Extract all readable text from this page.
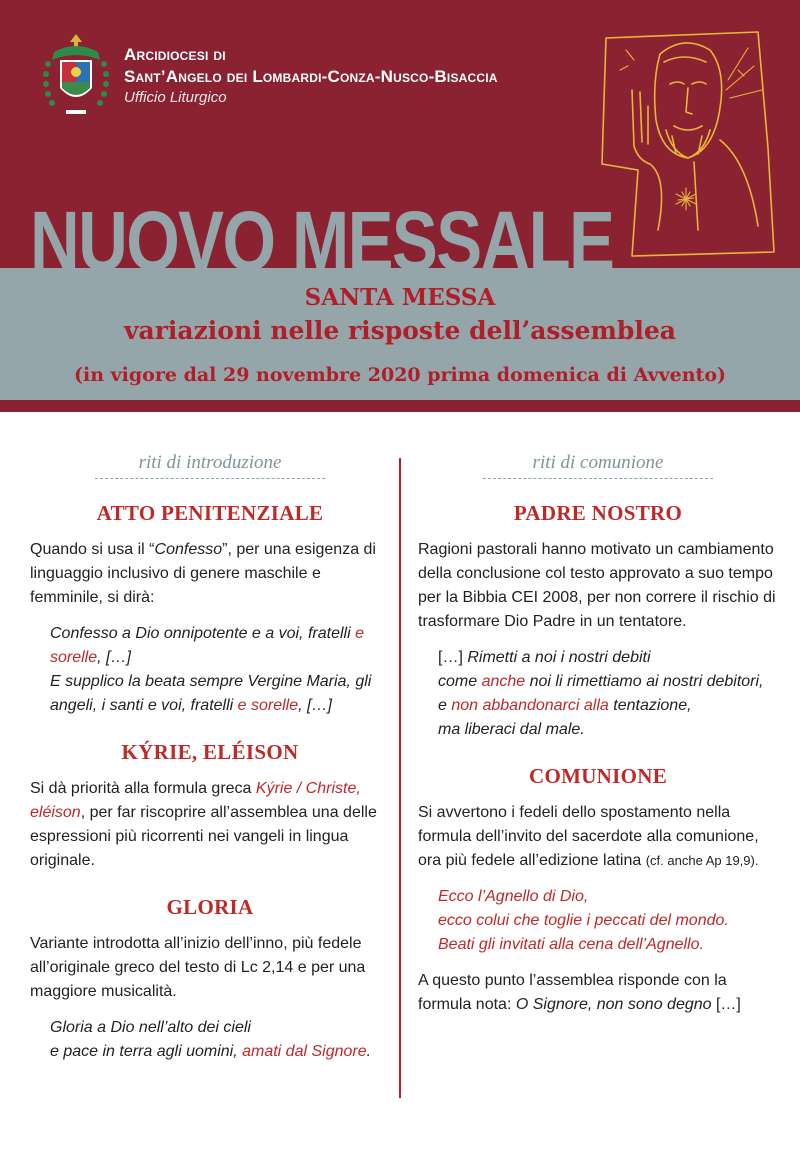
Arcidiocesi di
Sant’Angelo dei Lombardi-Conza-Nusco-Bisaccia
Ufficio Liturgico
NUOVO MESSALE
SANTA MESSA
variazioni nelle risposte dell’assemblea
(in vigore dal 29 novembre 2020 prima domenica di Avvento)
riti di introduzione
ATTO PENITENZIALE
Quando si usa il “Confesso”, per una esigenza di linguaggio inclusivo di genere maschile e femminile, si dirà:
Confesso a Dio onnipotente e a voi, fratelli e sorelle, […]
E supplico la beata sempre Vergine Maria, gli angeli, i santi e voi, fratelli e sorelle, […]
KÝRIE, ELÉISON
Si dà priorità alla formula greca Kýrie / Christe, eléison, per far riscoprire all’assemblea una delle espressioni più ricorrenti nei vangeli in lingua originale.
GLORIA
Variante introdotta all’inizio dell’inno, più fedele all’originale greco del testo di Lc 2,14 e per una maggiore musicalità.
Gloria a Dio nell’alto dei cieli
e pace in terra agli uomini, amati dal Signore.
riti di comunione
PADRE NOSTRO
Ragioni pastorali hanno motivato un cambiamento della conclusione col testo approvato a suo tempo per la Bibbia CEI 2008, per non correre il rischio di trasformare Dio Padre in un tentatore.
[…] Rimetti a noi i nostri debiti
come anche noi li rimettiamo ai nostri debitori,
e non abbandonarci alla tentazione,
ma liberaci dal male.
COMUNIONE
Si avvertono i fedeli dello spostamento nella formula dell’invito del sacerdote alla comunione, ora più fedele all’edizione latina (cf. anche Ap 19,9).
Ecco l’Agnello di Dio,
ecco colui che toglie i peccati del mondo.
Beati gli invitati alla cena dell’Agnello.
A questo punto l’assemblea risponde con la formula nota: O Signore, non sono degno […]
